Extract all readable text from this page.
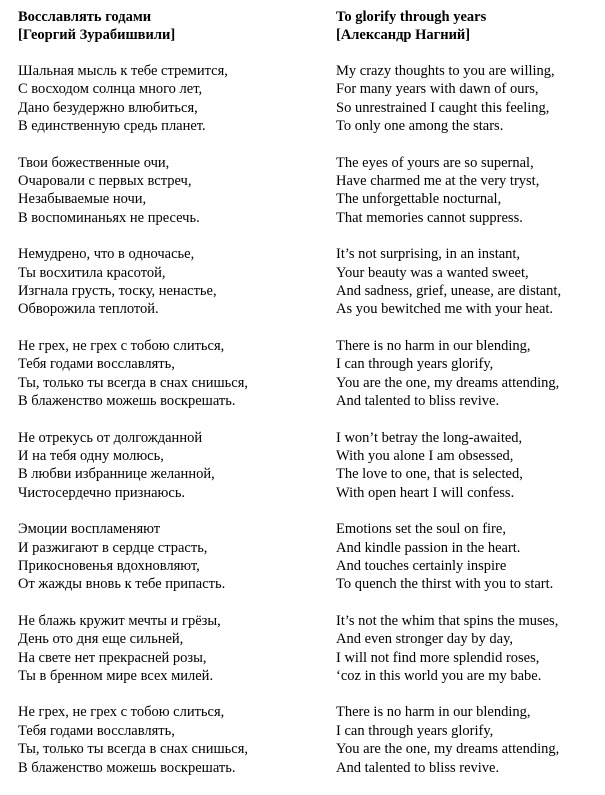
Восславлять годами
[Георгий Зурабишвили]
Шальная мысль к тебе стремится,
С восходом солнца много лет,
Дано безудержно влюбиться,
В единственную средь планет.
Твои божественные очи,
Очаровали с первых встреч,
Незабываемые ночи,
В воспоминаньях не пресечь.
Немудрено, что в одночасье,
Ты восхитила красотой,
Изгнала грусть, тоску, ненастье,
Обворожила теплотой.
Не грех, не грех с тобою слиться,
Тебя годами восславлять,
Ты, только ты всегда в снах снишься,
В блаженство можешь воскрешать.
Не отрекусь от долгожданной
И на тебя одну молюсь,
В любви избраннице желанной,
Чистосердечно признаюсь.
Эмоции воспламеняют
И разжигают в сердце страсть,
Прикосновенья вдохновляют,
От жажды вновь к тебе припасть.
Не блажь кружит мечты и грёзы,
День ото дня еще сильней,
На свете нет прекрасней розы,
Ты в бренном мире всех милей.
Не грех, не грех с тобою слиться,
Тебя годами восславлять,
Ты, только ты всегда в снах снишься,
В блаженство можешь воскрешать.
To glorify through years
[Александр Нагний]
My crazy thoughts to you are willing,
For many years with dawn of ours,
So unrestrained I caught this feeling,
To only one among the stars.
The eyes of yours are so supernal,
Have charmed me at the very tryst,
The unforgettable nocturnal,
That memories cannot suppress.
It’s not surprising, in an instant,
Your beauty was a wanted sweet,
And sadness, grief, unease, are distant,
As you bewitched me with your heat.
There is no harm in our blending,
I can through years glorify,
You are the one, my dreams attending,
And talented to bliss revive.
I won’t betray the long-awaited,
With you alone I am obsessed,
The love to one, that is selected,
With open heart I will confess.
Emotions set the soul on fire,
And kindle passion in the heart.
And touches certainly inspire
To quench the thirst with you to start.
It’s not the whim that spins the muses,
And even stronger day by day,
I will not find more splendid roses,
‘coz in this world you are my babe.
There is no harm in our blending,
I can through years glorify,
You are the one, my dreams attending,
And talented to bliss revive.
